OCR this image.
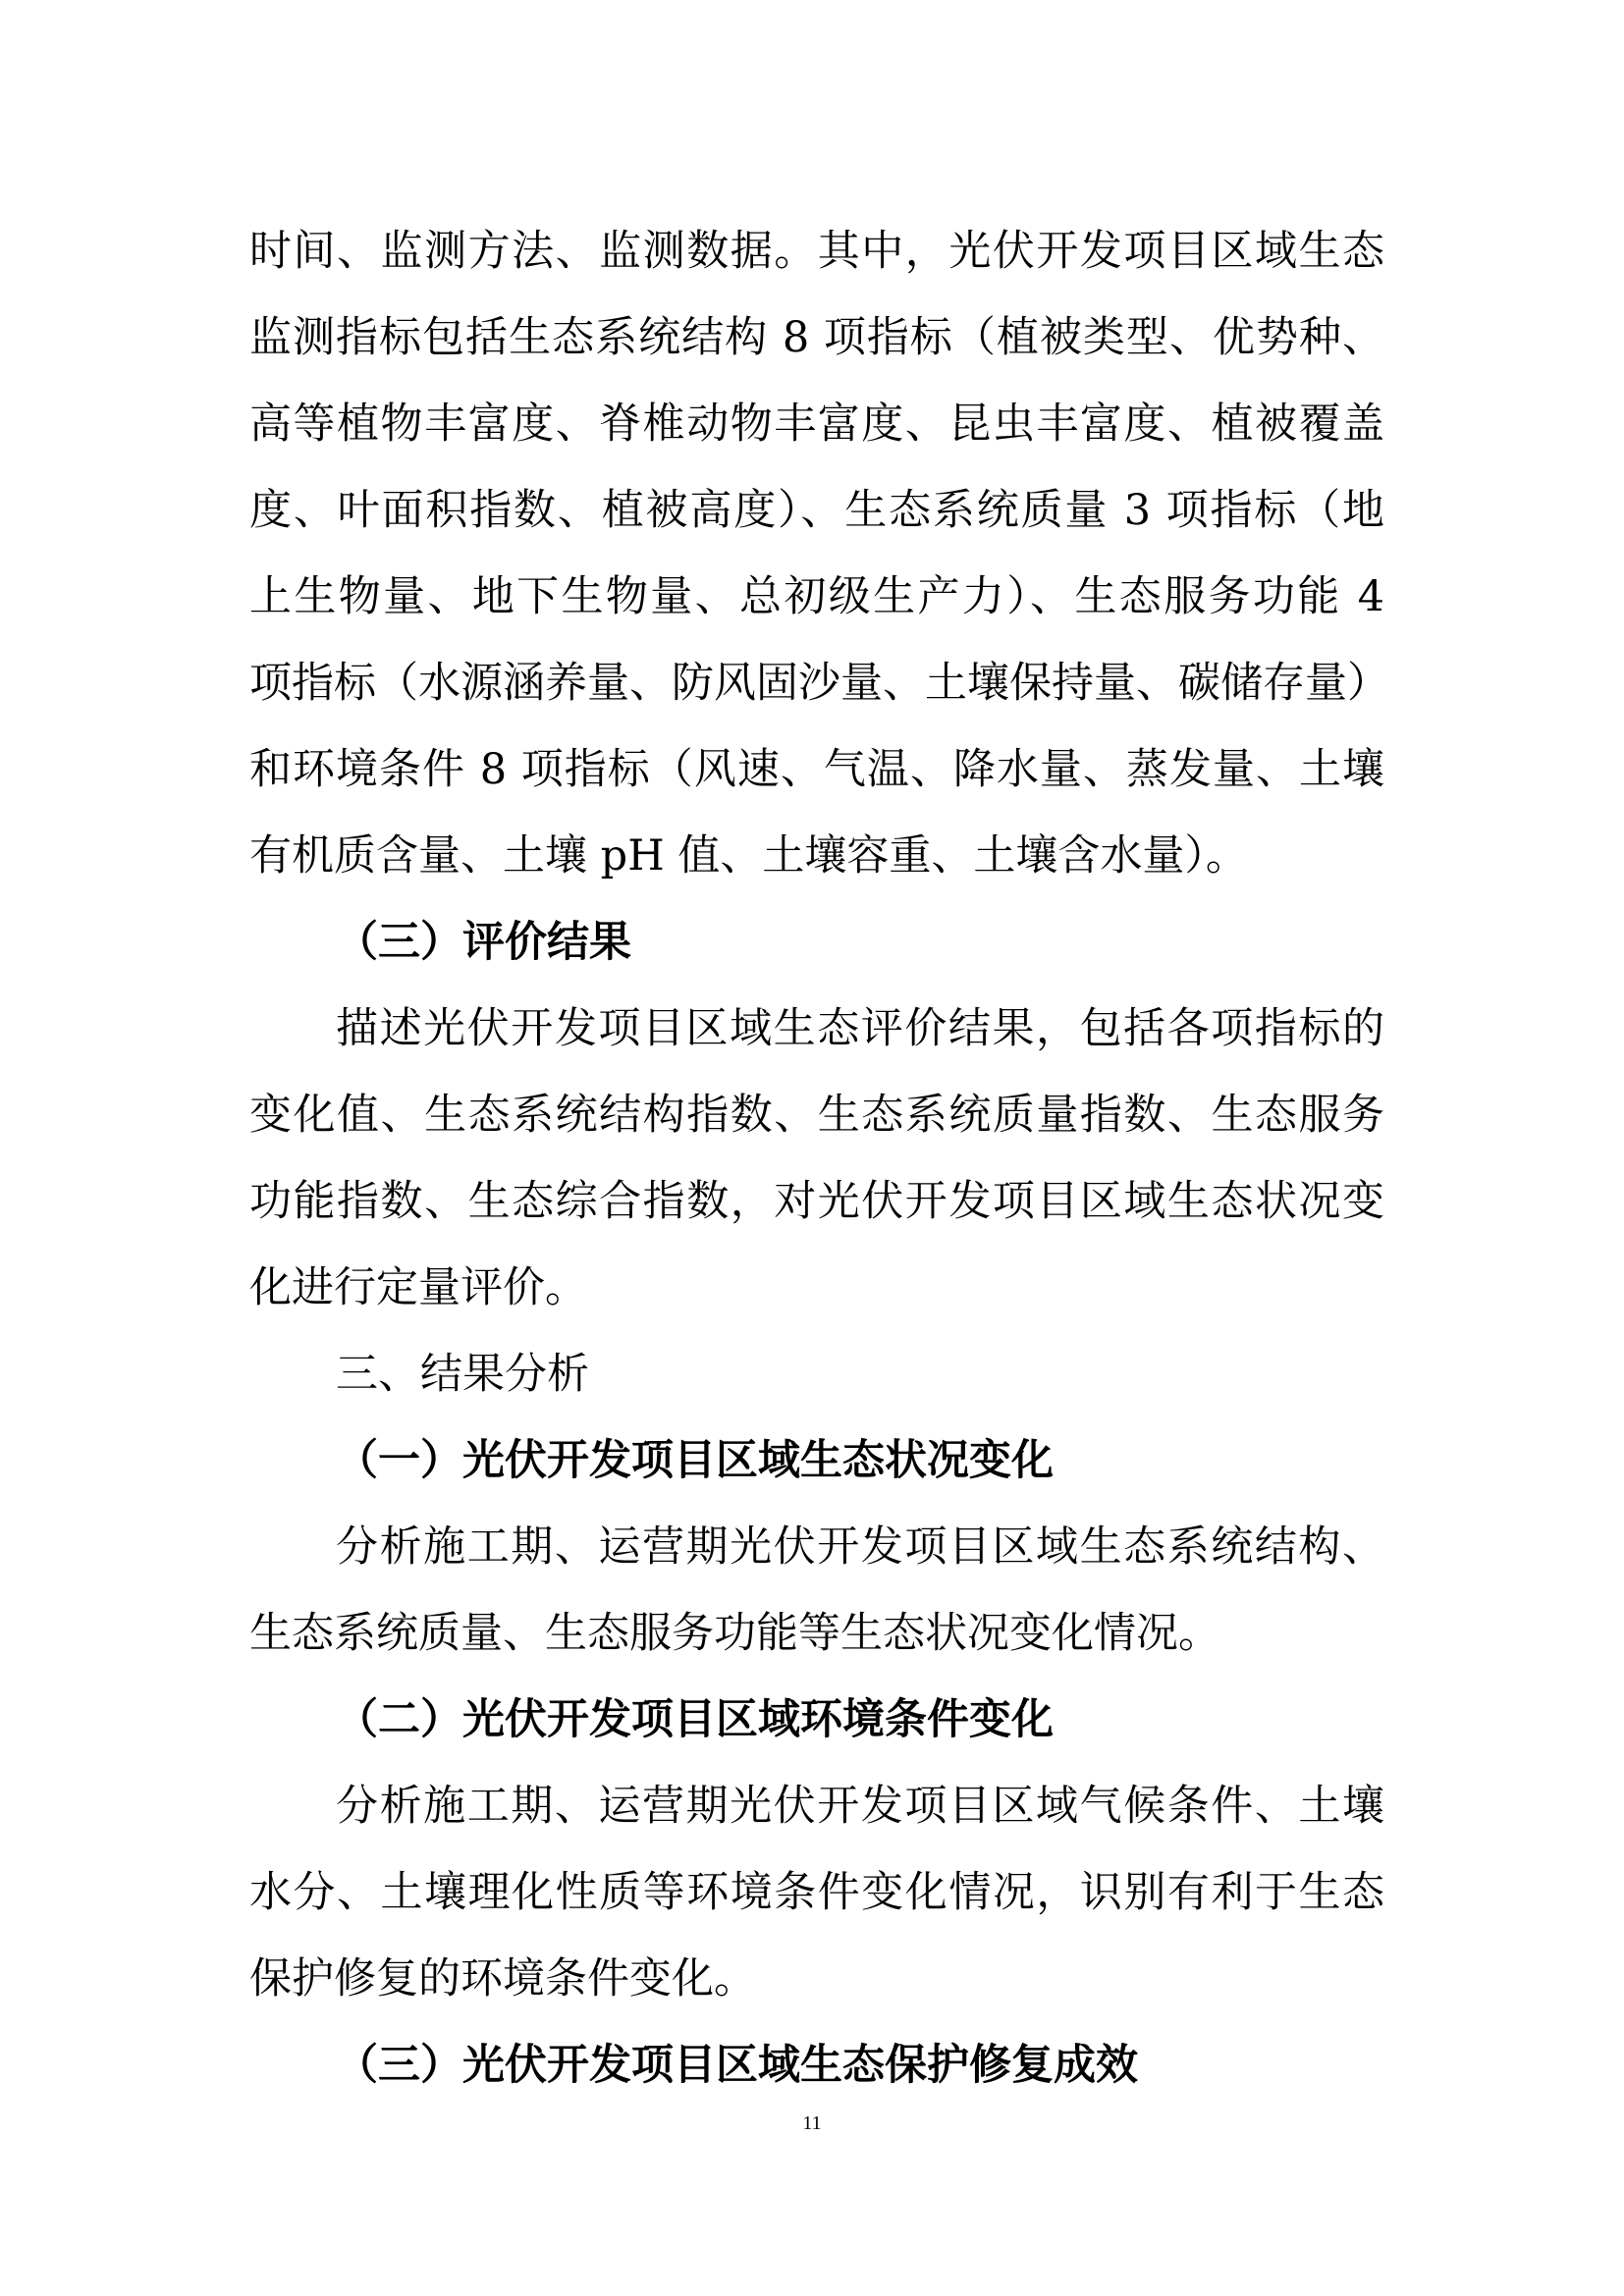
时间、监测方法、监测数据。其中，光伏开发项目区域生态

监测指标包括生态系统结构 8 项指标（植被类型、优势种、

高等植物丰富度、脊椎动物丰富度、昆虫丰富度、植被覆盖

度、叶面积指数、植被高度）、生态系统质量 3 项指标（地

上生物量、地下生物量、总初级生产力）、生态服务功能 4

项指标（水源涵养量、防风固沙量、土壤保持量、碳储存量）

和环境条件 8 项指标（风速、气温、降水量、蒸发量、土壤

有机质含量、土壤 pH 值、土壤容重、土壤含水量）。

（三）评价结果

描述光伏开发项目区域生态评价结果，包括各项指标的

变化值、生态系统结构指数、生态系统质量指数、生态服务

功能指数、生态综合指数，对光伏开发项目区域生态状况变

化进行定量评价。

三、结果分析

（一）光伏开发项目区域生态状况变化

分析施工期、运营期光伏开发项目区域生态系统结构、

生态系统质量、生态服务功能等生态状况变化情况。

（二）光伏开发项目区域环境条件变化

分析施工期、运营期光伏开发项目区域气候条件、土壤

水分、土壤理化性质等环境条件变化情况，识别有利于生态

保护修复的环境条件变化。

（三）光伏开发项目区域生态保护修复成效

11
